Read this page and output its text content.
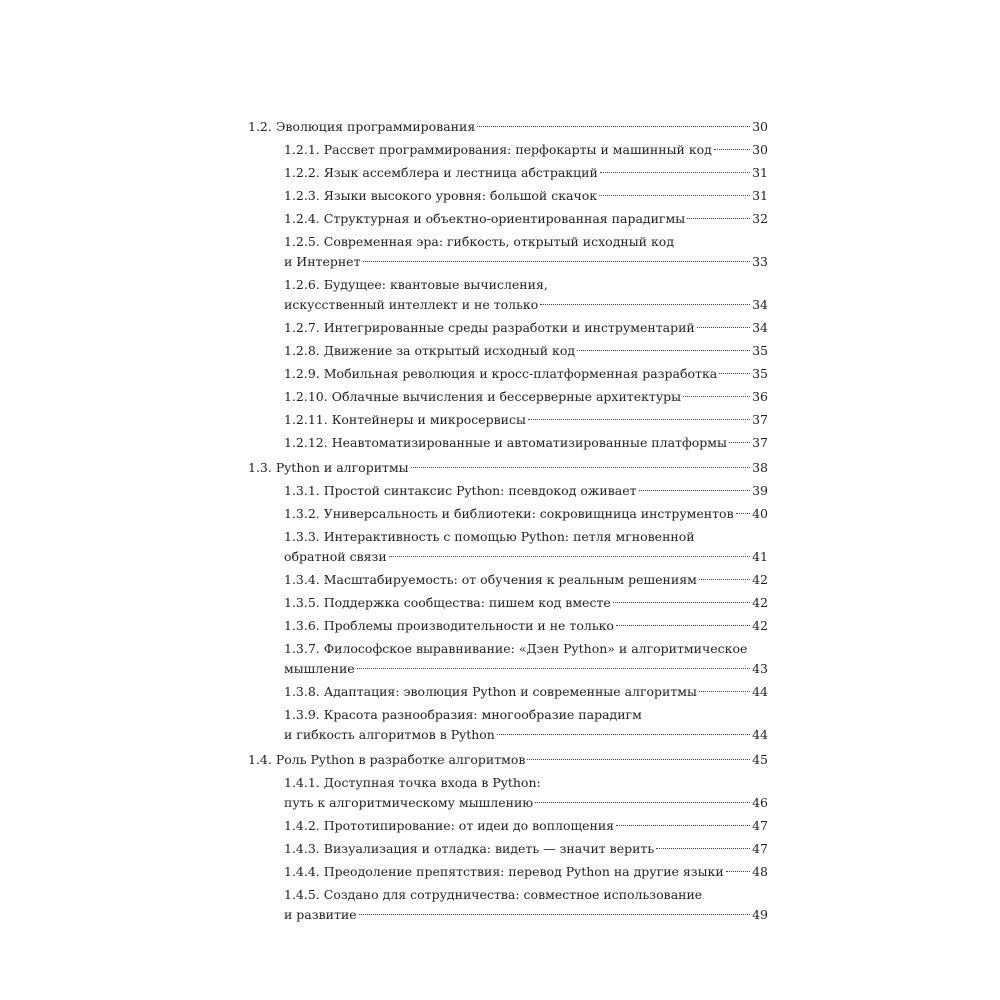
1.2. Эволюция программирования	30
1.2.1. Рассвет программирования: перфокарты и машинный код	30
1.2.2. Язык ассемблера и лестница абстракций	31
1.2.3. Языки высокого уровня: большой скачок	31
1.2.4. Структурная и объектно-ориентированная парадигмы	32
1.2.5. Современная эра: гибкость, открытый исходный код
и Интернет	33
1.2.6. Будущее: квантовые вычисления,
искусственный интеллект и не только	34
1.2.7. Интегрированные среды разработки и инструментарий	34
1.2.8. Движение за открытый исходный код	35
1.2.9. Мобильная революция и кросс-платформенная разработка	35
1.2.10. Облачные вычисления и бессерверные архитектуры	36
1.2.11. Контейнеры и микросервисы	37
1.2.12. Неавтоматизированные и автоматизированные платформы 37
1.3. Python и алгоритмы	38
1.3.1. Простой синтаксис Python: псевдокод оживает	39
1.3.2. Универсальность и библиотеки: сокровищница инструментов 40
1.3.3. Интерактивность с помощью Python: петля мгновенной
обратной связи	41
1.3.4. Масштабируемость: от обучения к реальным решениям	42
1.3.5. Поддержка сообщества: пишем код вместе	42
1.3.6. Проблемы производительности и не только	42
1.3.7. Философское выравнивание: «Дзен Python» и алгоритмическое
мышление	43
1.3.8. Адаптация: эволюция Python и современные алгоритмы	44
1.3.9. Красота разнообразия: многообразие парадигм
и гибкость алгоритмов в Python	44
1.4. Роль Python в разработке алгоритмов	45
1.4.1. Доступная точка входа в Python:
путь к алгоритмическому мышлению	46
1.4.2. Прототипирование: от идеи до воплощения	47
1.4.3. Визуализация и отладка: видеть — значит верить	47
1.4.4. Преодоление препятствия: перевод Python на другие языки 48
1.4.5. Создано для сотрудничества: совместное использование
и развитие	49
